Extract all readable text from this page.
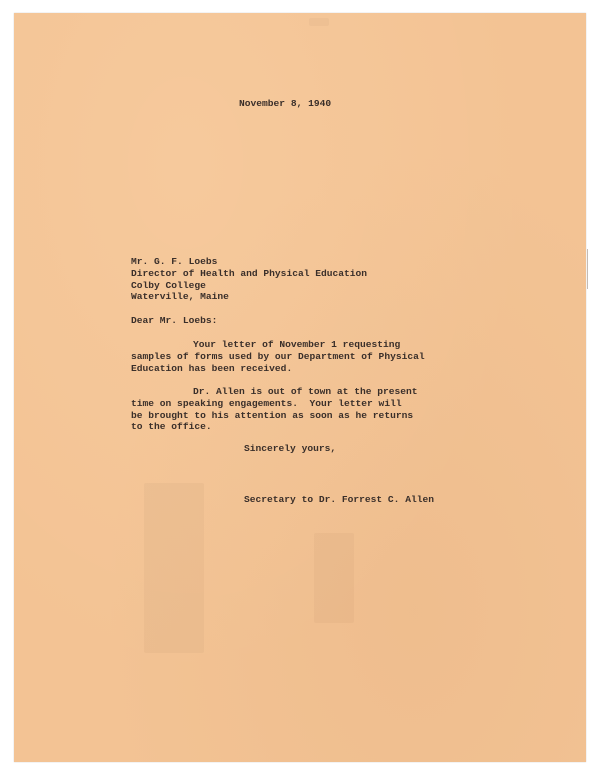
November 8, 1940
Mr. G. F. Loebs
Director of Health and Physical Education
Colby College
Waterville, Maine
Dear Mr. Loebs:
Your letter of November 1 requesting
samples of forms used by our Department of Physical
Education has been received.
Dr. Allen is out of town at the present
time on speaking engagements.  Your letter will
be brought to his attention as soon as he returns
to the office.
Sincerely yours,
Secretary to Dr. Forrest C. Allen
